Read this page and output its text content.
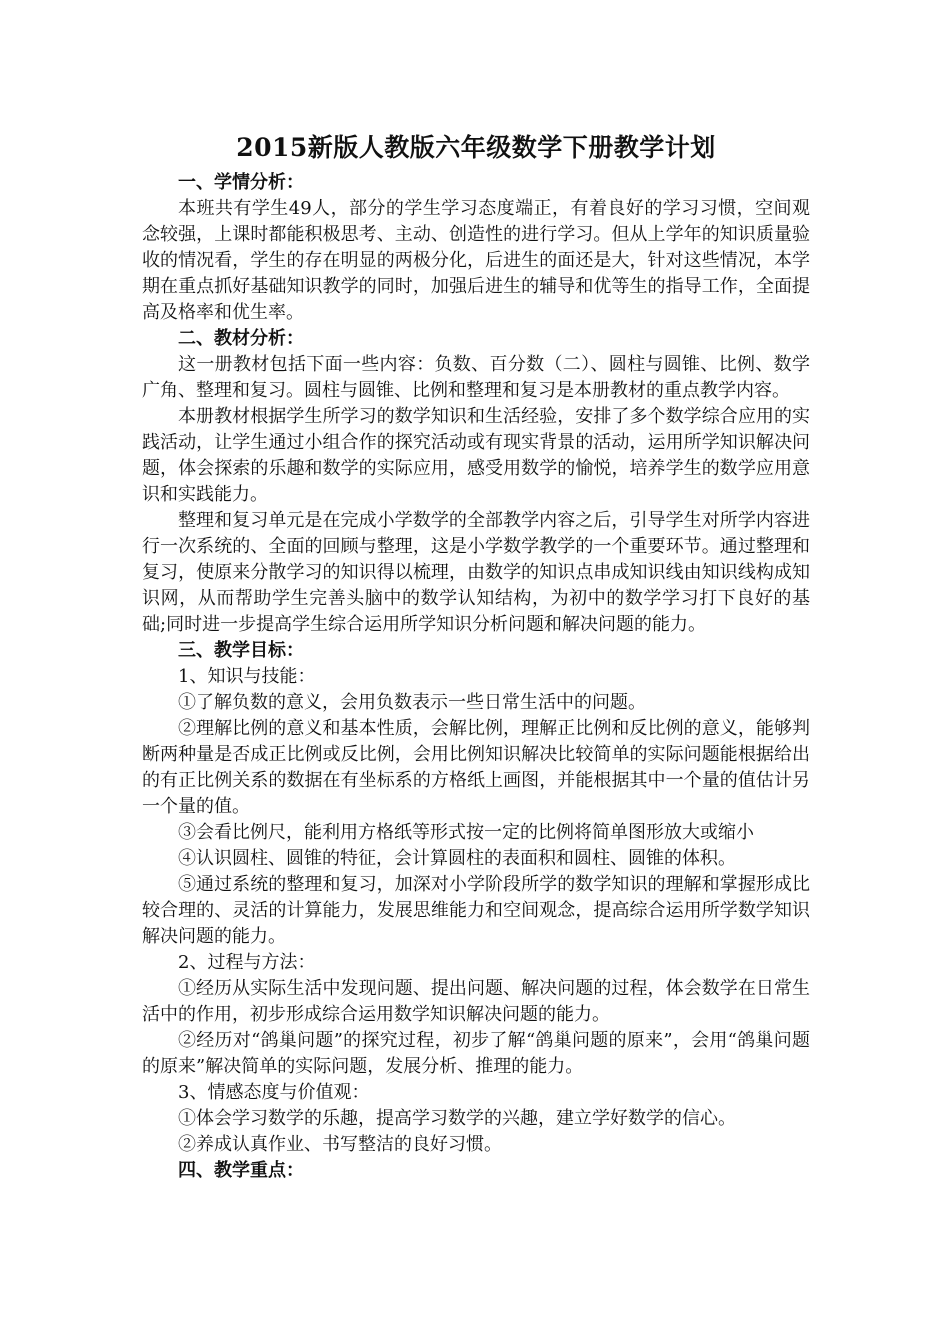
2015新版人教版六年级数学下册教学计划

一、学情分析：

本班共有学生49人，部分的学生学习态度端正，有着良好的学习习惯，空间观念较强，上课时都能积极思考、主动、创造性的进行学习。但从上学年的知识质量验收的情况看，学生的存在明显的两极分化，后进生的面还是大，针对这些情况，本学期在重点抓好基础知识教学的同时，加强后进生的辅导和优等生的指导工作，全面提高及格率和优生率。

二、教材分析：

这一册教材包括下面一些内容：负数、百分数（二）、圆柱与圆锥、比例、数学广角、整理和复习。圆柱与圆锥、比例和整理和复习是本册教材的重点教学内容。

本册教材根据学生所学习的数学知识和生活经验，安排了多个数学综合应用的实践活动，让学生通过小组合作的探究活动或有现实背景的活动，运用所学知识解决问题，体会探索的乐趣和数学的实际应用，感受用数学的愉悦，培养学生的数学应用意识和实践能力。

整理和复习单元是在完成小学数学的全部教学内容之后，引导学生对所学内容进行一次系统的、全面的回顾与整理，这是小学数学教学的一个重要环节。通过整理和复习，使原来分散学习的知识得以梳理，由数学的知识点串成知识线由知识线构成知识网，从而帮助学生完善头脑中的数学认知结构，为初中的数学学习打下良好的基础;同时进一步提高学生综合运用所学知识分析问题和解决问题的能力。

三、教学目标：

1、知识与技能：

①了解负数的意义，会用负数表示一些日常生活中的问题。

②理解比例的意义和基本性质，会解比例，理解正比例和反比例的意义，能够判断两种量是否成正比例或反比例，会用比例知识解决比较简单的实际问题能根据给出的有正比例关系的数据在有坐标系的方格纸上画图，并能根据其中一个量的值估计另一个量的值。

③会看比例尺，能利用方格纸等形式按一定的比例将简单图形放大或缩小

④认识圆柱、圆锥的特征，会计算圆柱的表面积和圆柱、圆锥的体积。

⑤通过系统的整理和复习，加深对小学阶段所学的数学知识的理解和掌握形成比较合理的、灵活的计算能力，发展思维能力和空间观念，提高综合运用所学数学知识解决问题的能力。

2、过程与方法：

①经历从实际生活中发现问题、提出问题、解决问题的过程，体会数学在日常生活中的作用，初步形成综合运用数学知识解决问题的能力。

②经历对“鸽巢问题”的探究过程，初步了解“鸽巢问题的原来”，会用“鸽巢问题的原来”解决简单的实际问题，发展分析、推理的能力。

3、情感态度与价值观：

①体会学习数学的乐趣，提高学习数学的兴趣，建立学好数学的信心。

②养成认真作业、书写整洁的良好习惯。

四、教学重点：
